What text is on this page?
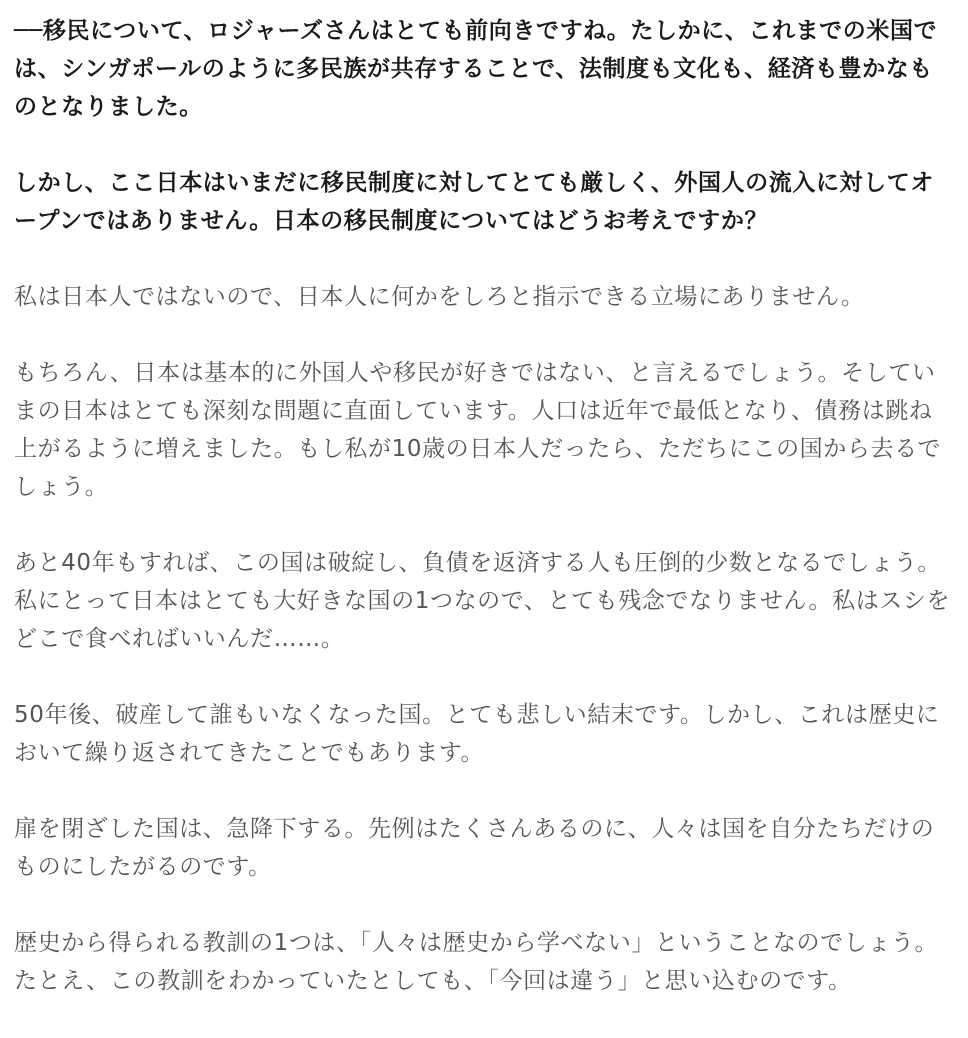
──移民について、ロジャーズさんはとても前向きですね。たしかに、これまでの米国では、シンガポールのように多民族が共存することで、法制度も文化も、経済も豊かなものとなりました。

しかし、ここ日本はいまだに移民制度に対してとても厳しく、外国人の流入に対してオープンではありません。日本の移民制度についてはどうお考えですか？

私は日本人ではないので、日本人に何かをしろと指示できる立場にありません。

もちろん、日本は基本的に外国人や移民が好きではない、と言えるでしょう。そしていまの日本はとても深刻な問題に直面しています。人口は近年で最低となり、債務は跳ね上がるように増えました。もし私が10歳の日本人だったら、ただちにこの国から去るでしょう。

あと40年もすれば、この国は破綻し、負債を返済する人も圧倒的少数となるでしょう。私にとって日本はとても大好きな国の1つなので、とても残念でなりません。私はスシをどこで食べればいいんだ……。

50年後、破産して誰もいなくなった国。とても悲しい結末です。しかし、これは歴史において繰り返されてきたことでもあります。

扉を閉ざした国は、急降下する。先例はたくさんあるのに、人々は国を自分たちだけのものにしたがるのです。

歴史から得られる教訓の1つは、「人々は歴史から学べない」ということなのでしょう。たとえ、この教訓をわかっていたとしても、「今回は違う」と思い込むのです。
